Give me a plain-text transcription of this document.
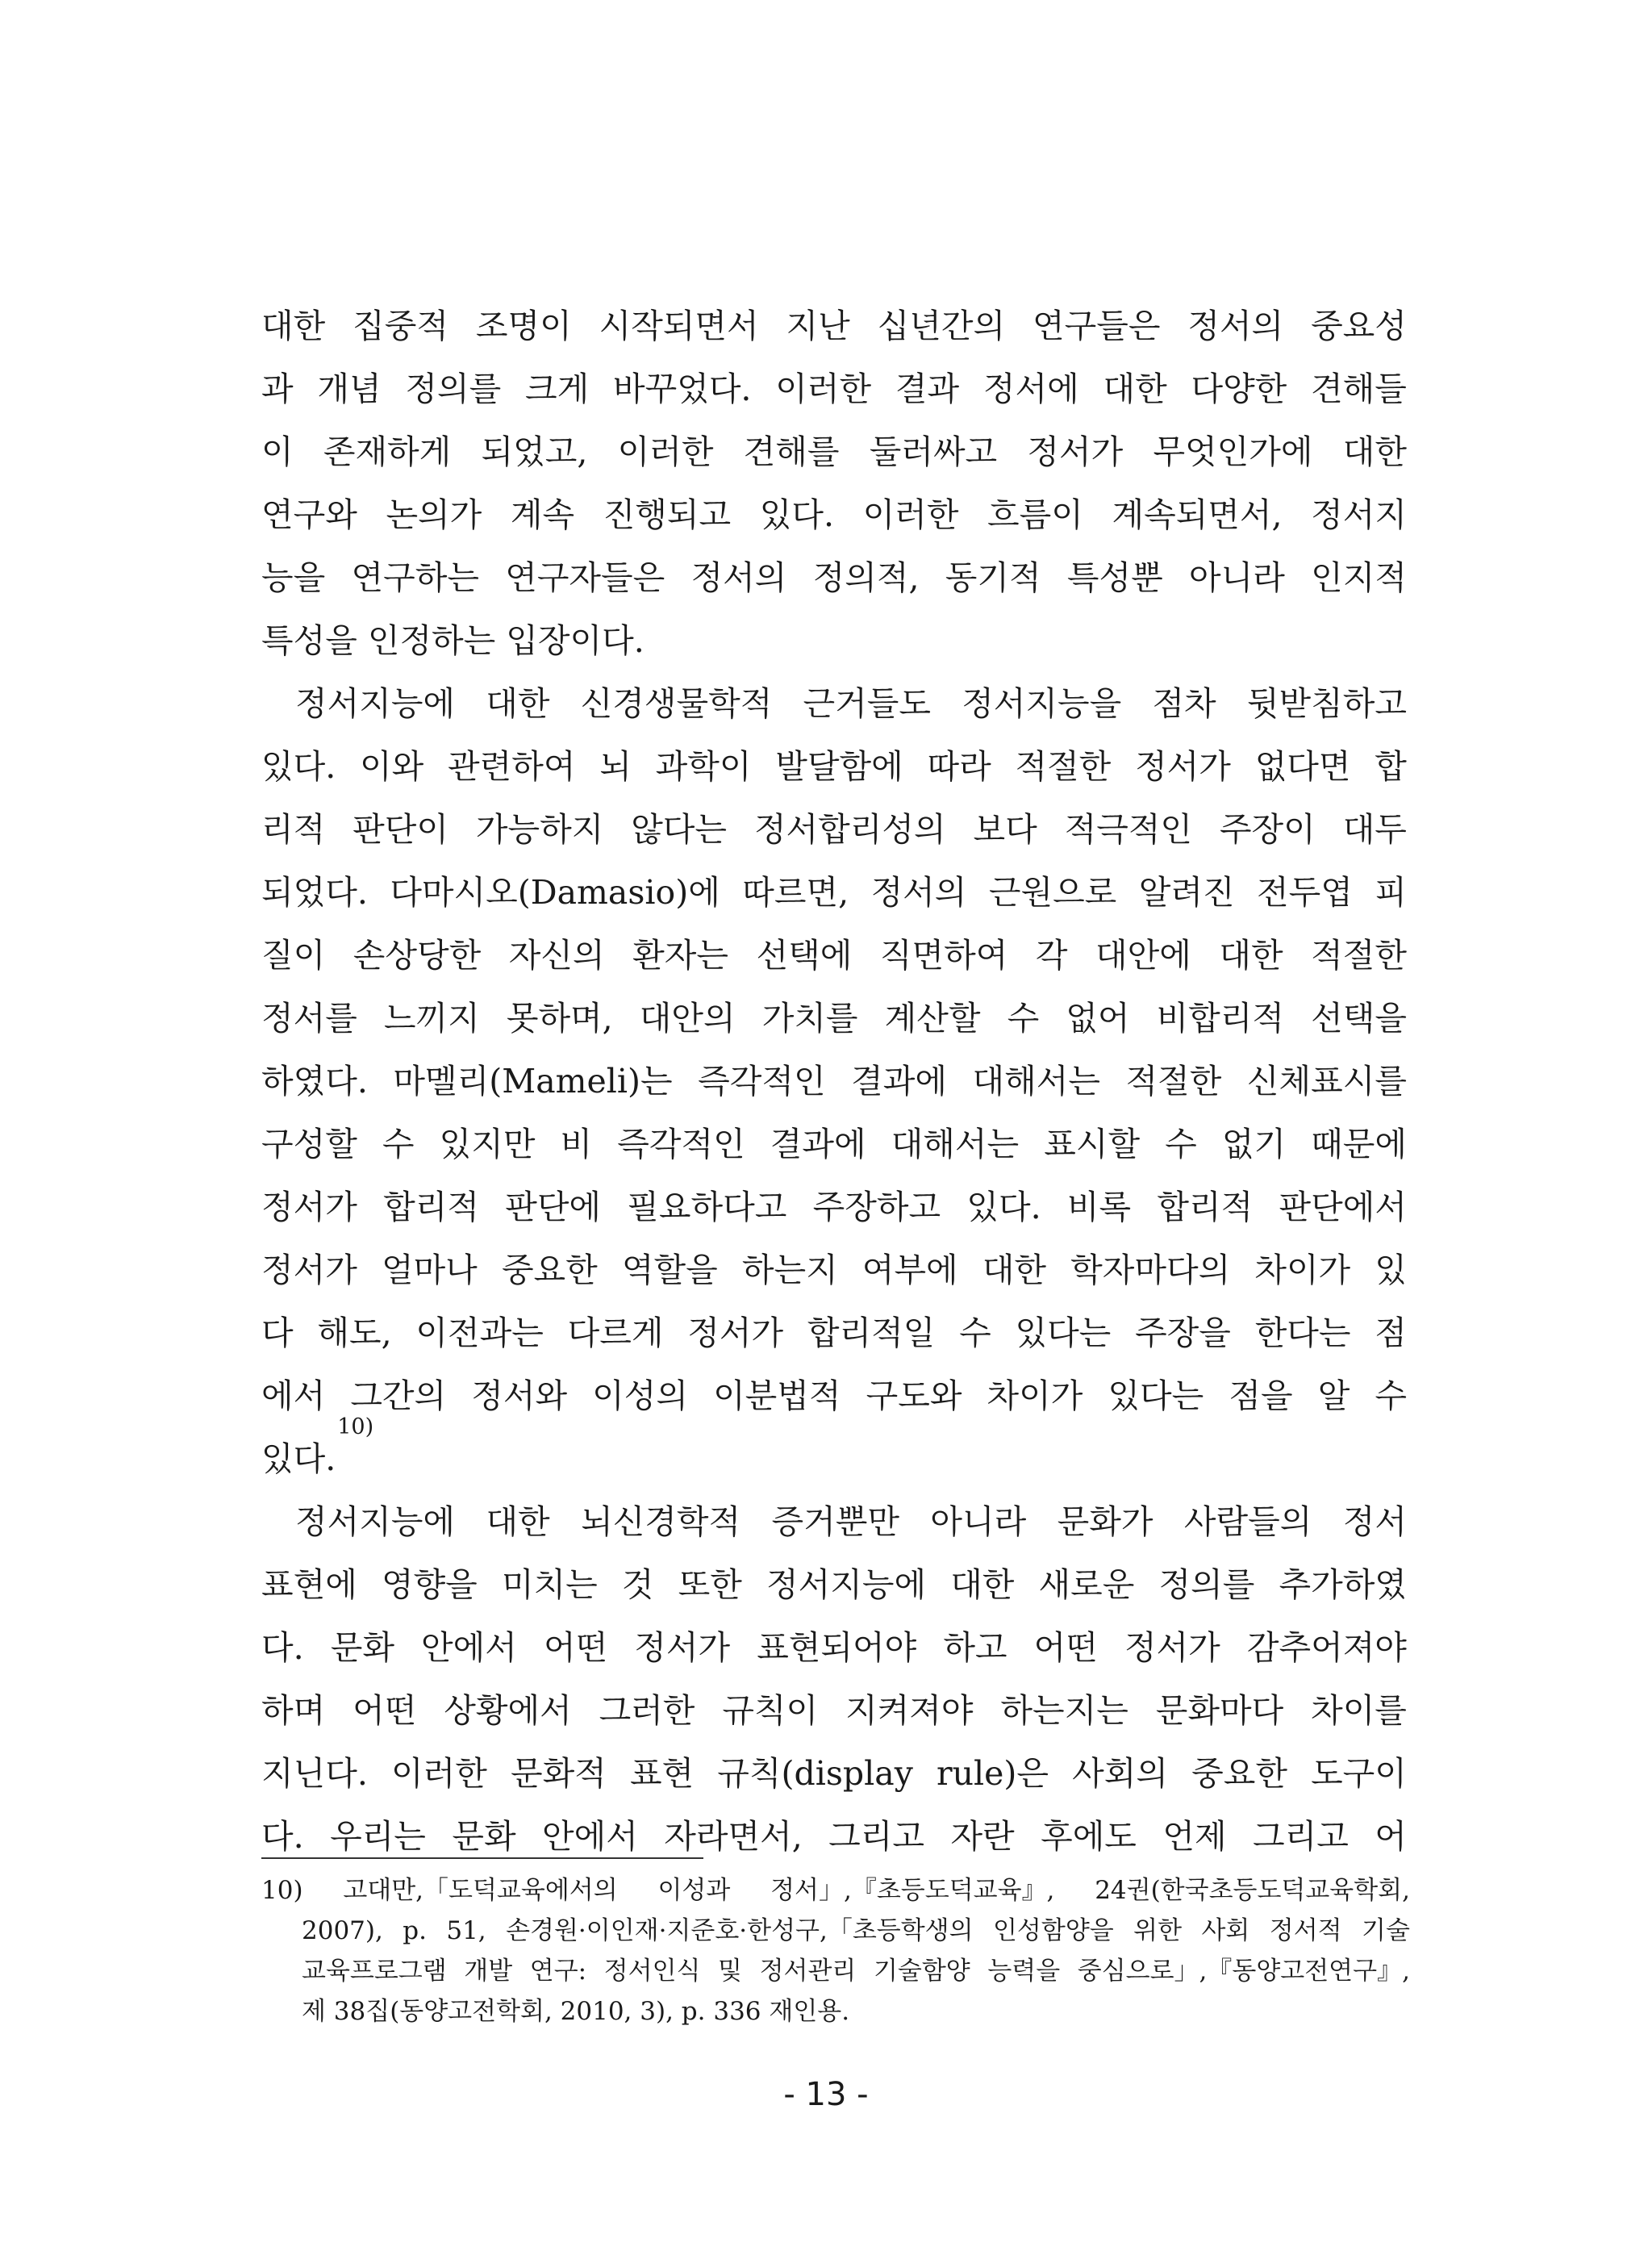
대한 집중적 조명이 시작되면서 지난 십년간의 연구들은 정서의 중요성
과 개념 정의를 크게 바꾸었다. 이러한 결과 정서에 대한 다양한 견해들
이 존재하게 되었고, 이러한 견해를 둘러싸고 정서가 무엇인가에 대한
연구와 논의가 계속 진행되고 있다. 이러한 흐름이 계속되면서, 정서지
능을 연구하는 연구자들은 정서의 정의적, 동기적 특성뿐 아니라 인지적
특성을 인정하는 입장이다.
정서지능에 대한 신경생물학적 근거들도 정서지능을 점차 뒷받침하고
있다. 이와 관련하여 뇌 과학이 발달함에 따라 적절한 정서가 없다면 합
리적 판단이 가능하지 않다는 정서합리성의 보다 적극적인 주장이 대두
되었다. 다마시오(Damasio)에 따르면, 정서의 근원으로 알려진 전두엽 피
질이 손상당한 자신의 환자는 선택에 직면하여 각 대안에 대한 적절한
정서를 느끼지 못하며, 대안의 가치를 계산할 수 없어 비합리적 선택을
하였다. 마멜리(Mameli)는 즉각적인 결과에 대해서는 적절한 신체표시를
구성할 수 있지만 비 즉각적인 결과에 대해서는 표시할 수 없기 때문에
정서가 합리적 판단에 필요하다고 주장하고 있다. 비록 합리적 판단에서
정서가 얼마나 중요한 역할을 하는지 여부에 대한 학자마다의 차이가 있
다 해도, 이전과는 다르게 정서가 합리적일 수 있다는 주장을 한다는 점
에서 그간의 정서와 이성의 이분법적 구도와 차이가 있다는 점을 알 수
있다.
10)
정서지능에 대한 뇌신경학적 증거뿐만 아니라 문화가 사람들의 정서
표현에 영향을 미치는 것 또한 정서지능에 대한 새로운 정의를 추가하였
다. 문화 안에서 어떤 정서가 표현되어야 하고 어떤 정서가 감추어져야
하며 어떤 상황에서 그러한 규칙이 지켜져야 하는지는 문화마다 차이를
지닌다. 이러한 문화적 표현 규칙(display rule)은 사회의 중요한 도구이
다. 우리는 문화 안에서 자라면서, 그리고 자란 후에도 언제 그리고 어
10) 고대만,「도덕교육에서의 이성과 정서」,『초등도덕교육』, 24권(한국초등도덕교육학회,
2007), p. 51, 손경원·이인재·지준호·한성구,「초등학생의 인성함양을 위한 사회 정서적 기술
교육프로그램 개발 연구: 정서인식 및 정서관리 기술함양 능력을 중심으로」,『동양고전연구』,
제 38집(동양고전학회, 2010, 3), p. 336 재인용.
- 13 -
